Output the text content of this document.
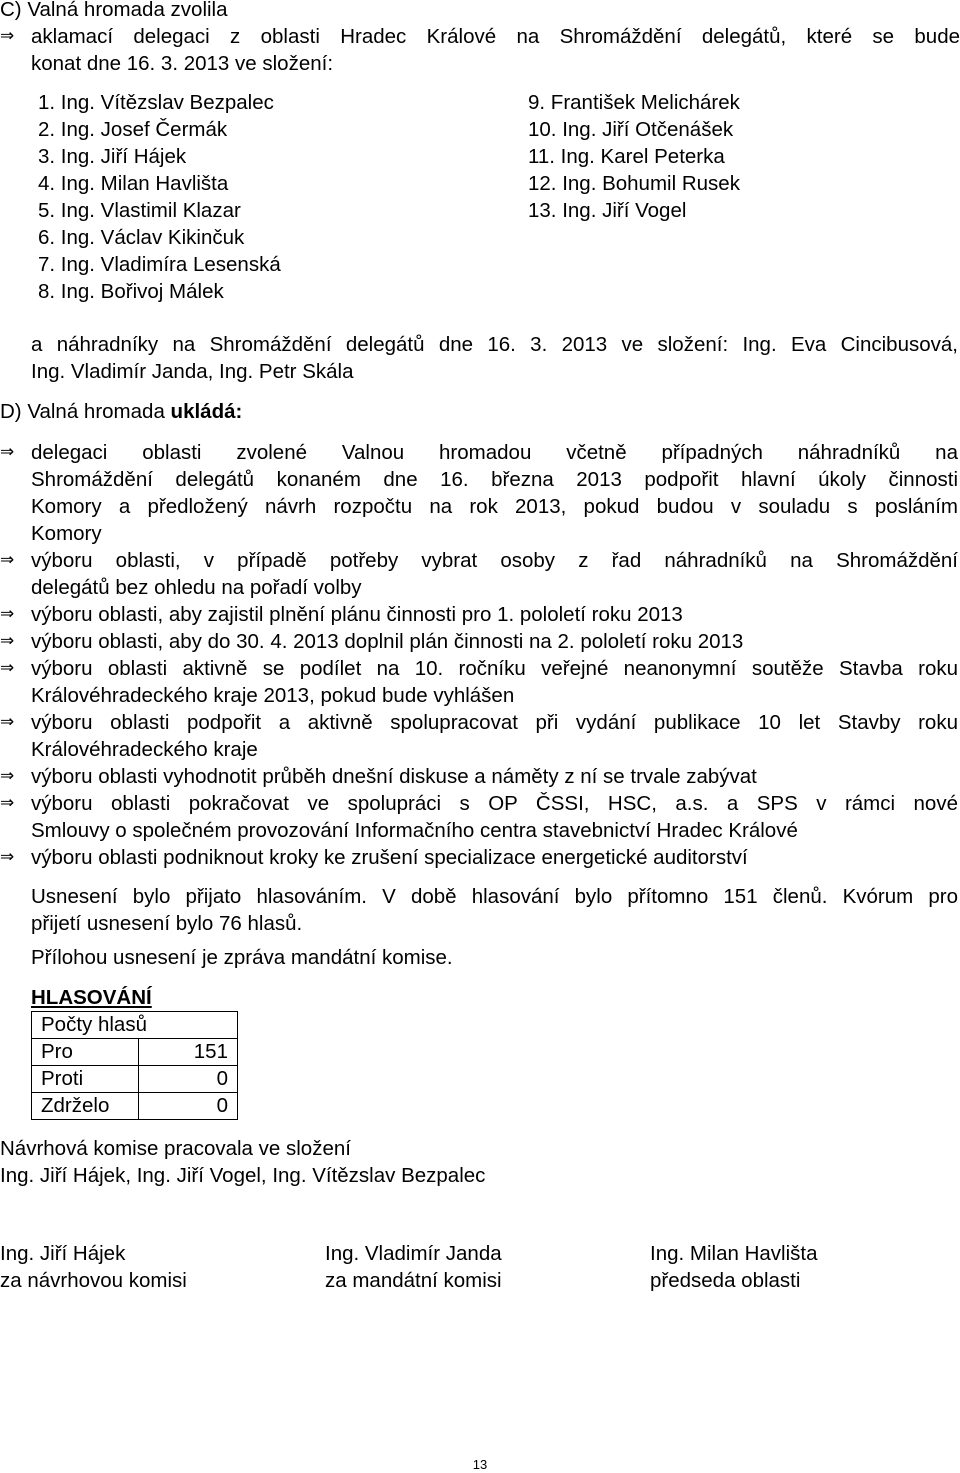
C) Valná hromada zvolila
⇒ aklamací delegaci z oblasti Hradec Králové na Shromáždění delegátů, které se bude
konat dne 16. 3. 2013 ve složení:
1. Ing. Vítězslav Bezpalec
2. Ing. Josef Čermák
3. Ing. Jiří Hájek
4. Ing. Milan Havlišta
5. Ing. Vlastimil Klazar
6. Ing. Václav Kikinčuk
7. Ing. Vladimíra Lesenská
8. Ing. Bořivoj Málek
9. František Melichárek
10. Ing. Jiří Otčenášek
11. Ing. Karel Peterka
12. Ing. Bohumil Rusek
13. Ing. Jiří Vogel
a náhradníky na Shromáždění delegátů dne 16. 3. 2013 ve složení: Ing. Eva Cincibusová,
Ing. Vladimír Janda, Ing. Petr Skála
D) Valná hromada ukládá:
⇒ delegaci oblasti zvolené Valnou hromadou včetně případných náhradníků na
Shromáždění delegátů konaném dne 16. března 2013 podpořit hlavní úkoly činnosti
Komory a předložený návrh rozpočtu na rok 2013, pokud budou v souladu s posláním
Komory
⇒ výboru oblasti, v případě potřeby vybrat osoby z řad náhradníků na Shromáždění
delegátů bez ohledu na pořadí volby
⇒ výboru oblasti, aby zajistil plnění plánu činnosti pro 1. pololetí roku 2013
⇒ výboru oblasti, aby do 30. 4. 2013 doplnil plán činnosti na 2. pololetí roku 2013
⇒ výboru oblasti aktivně se podílet na 10. ročníku veřejné neanonymní soutěže Stavba roku
Královéhradeckého kraje 2013, pokud bude vyhlášen
⇒ výboru oblasti podpořit a aktivně spolupracovat při vydání publikace 10 let Stavby roku
Královéhradeckého kraje
⇒ výboru oblasti vyhodnotit průběh dnešní diskuse a náměty z ní se trvale zabývat
⇒ výboru oblasti pokračovat ve spolupráci s OP ČSSI, HSC, a.s. a SPS v rámci nové
Smlouvy o společném provozování Informačního centra stavebnictví Hradec Králové
⇒ výboru oblasti podniknout kroky ke zrušení specializace energetické auditorství
Usnesení bylo přijato hlasováním. V době hlasování bylo přítomno 151 členů. Kvórum pro
přijetí usnesení bylo 76 hlasů.
Přílohou usnesení je zpráva mandátní komise.
HLASOVÁNÍ
Počty hlasů	
Pro	151
Proti	0
Zdrželo	0
Návrhová komise pracovala ve složení
Ing. Jiří Hájek, Ing. Jiří Vogel, Ing. Vítězslav Bezpalec
Ing. Jiří Hájek
za návrhovou komisi
Ing. Vladimír Janda
za mandátní komisi
Ing. Milan Havlišta
předseda oblasti
13
